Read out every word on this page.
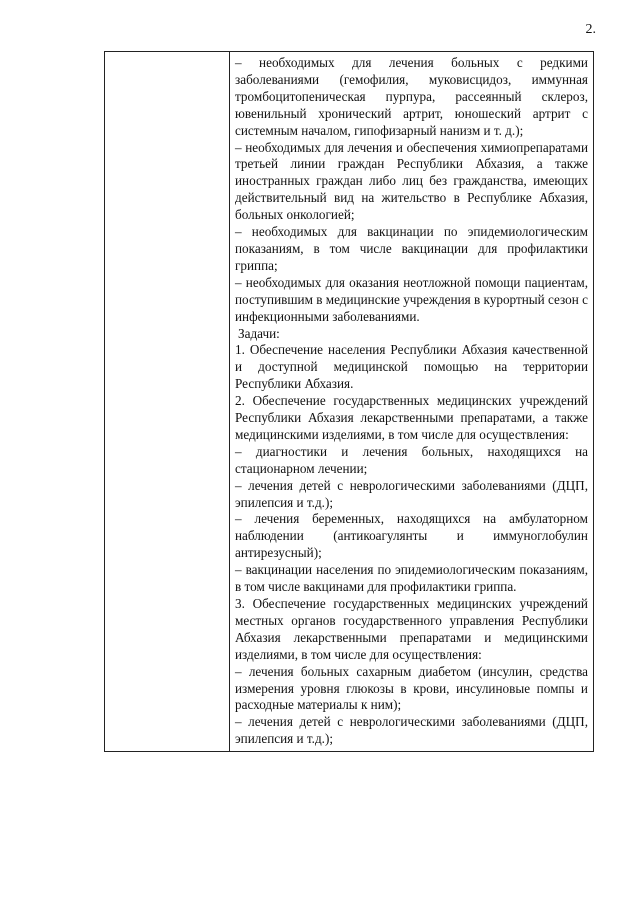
2.

– необходимых для лечения больных с редкими заболеваниями (гемофилия, муковисцидоз, иммунная тромбоцитопеническая пурпура, рассеянный склероз, ювенильный хронический артрит, юношеский артрит с системным началом, гипофизарный нанизм и т. д.);

– необходимых для лечения и обеспечения химиопрепаратами третьей линии граждан Республики Абхазия, а также иностранных граждан либо лиц без гражданства, имеющих действительный вид на жительство в Республике Абхазия, больных онкологией;

– необходимых для вакцинации по эпидемиологическим показаниям, в том числе вакцинации для профилактики гриппа;

– необходимых для оказания неотложной помощи пациентам, поступившим в медицинские учреждения в курортный сезон с инфекционными заболеваниями.

Задачи:

1. Обеспечение населения Республики Абхазия качественной и доступной медицинской помощью на территории Республики Абхазия.

2. Обеспечение государственных медицинских учреждений Республики Абхазия лекарственными препаратами, а также медицинскими изделиями, в том числе для осуществления:

– диагностики и лечения больных, находящихся на стационарном лечении;

– лечения детей с неврологическими заболеваниями (ДЦП, эпилепсия и т.д.);

– лечения беременных, находящихся на амбулаторном наблюдении (антикоагулянты и иммуноглобулин антирезусный);

– вакцинации населения по эпидемиологическим показаниям, в том числе вакцинами для профилактики гриппа.

3. Обеспечение государственных медицинских учреждений местных органов государственного управления Республики Абхазия лекарственными препаратами и медицинскими изделиями, в том числе для осуществления:

– лечения больных сахарным диабетом (инсулин, средства измерения уровня глюкозы в крови, инсулиновые помпы и расходные материалы к ним);

– лечения детей с неврологическими заболеваниями (ДЦП, эпилепсия и т.д.);
